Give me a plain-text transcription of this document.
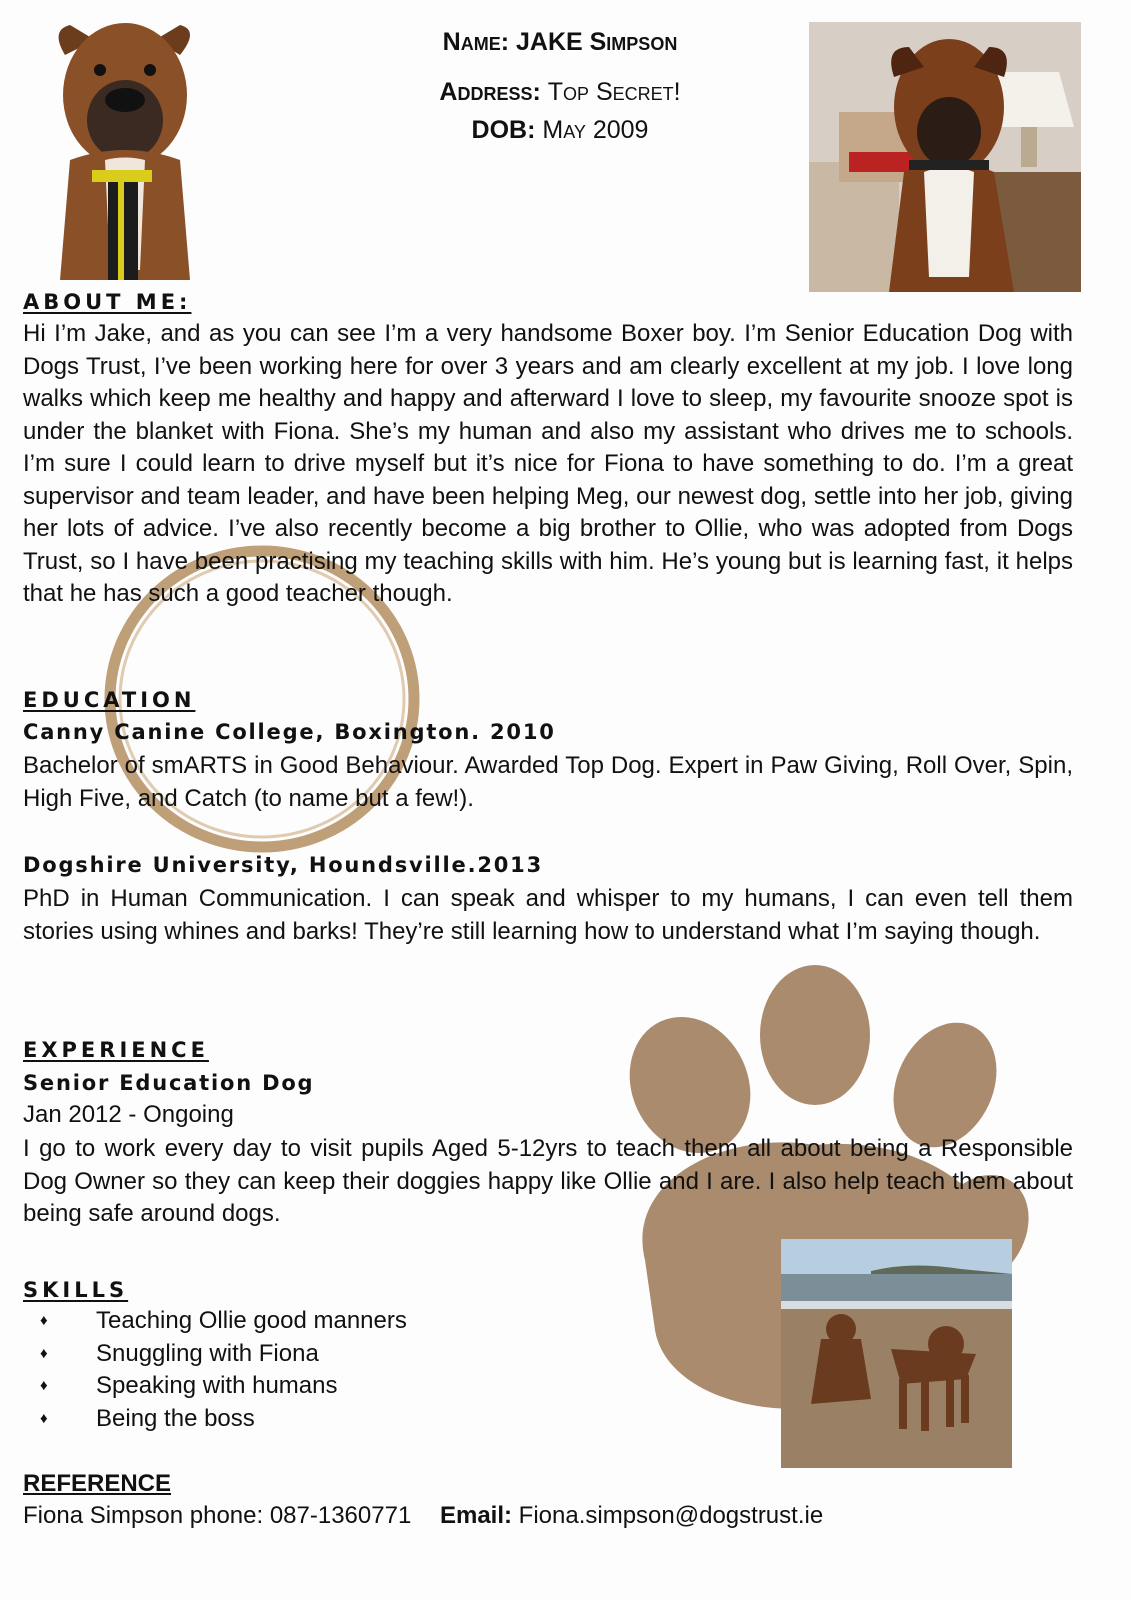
Name: JAKE Simpson
Address: Top Secret!
DOB: May 2009
ABOUT ME:
Hi I’m Jake, and as you can see I’m a very handsome Boxer boy. I’m Senior Education Dog with Dogs Trust, I’ve been working here for over 3 years and am clearly excellent at my job. I love long walks which keep me healthy and happy and afterward I love to sleep, my favourite snooze spot is under the blanket with Fiona. She’s my human and also my assistant who drives me to schools. I’m sure I could learn to drive myself but it’s nice for Fiona to have something to do. I’m a great supervisor and team leader, and have been helping Meg, our newest dog, settle into her job, giving her lots of advice. I’ve also recently become a big brother to Ollie, who was adopted from Dogs Trust, so I have been practising my teaching skills with him. He’s young but is learning fast, it helps that he has such a good teacher though.
EDUCATION
Canny Canine College, Boxington. 2010
Bachelor of smARTS in Good Behaviour. Awarded Top Dog. Expert in Paw Giving, Roll Over, Spin, High Five, and Catch (to name but a few!).
Dogshire University, Houndsville.2013
PhD in Human Communication. I can speak and whisper to my humans, I can even tell them stories using whines and barks! They’re still learning how to understand what I’m saying though.
EXPERIENCE
Senior Education Dog
Jan 2012 - Ongoing
I go to work every day to visit pupils Aged 5-12yrs to teach them all about being a Responsible Dog Owner so they can keep their doggies happy like Ollie and I are. I also help teach them about being safe around dogs.
SKILLS
♦ Teaching Ollie good manners
♦ Snuggling with Fiona
♦ Speaking with humans
♦ Being the boss
REFERENCE
Fiona Simpson phone: 087-1360771 Email: Fiona.simpson@dogstrust.ie
